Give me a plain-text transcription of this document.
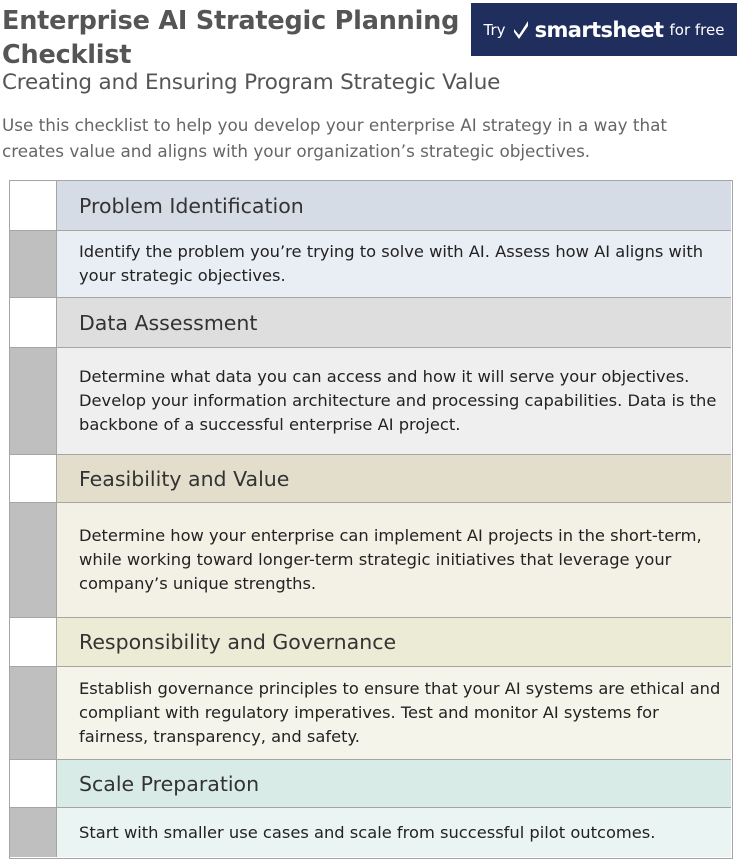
Enterprise AI Strategic Planning Checklist
Creating and Ensuring Program Strategic Value
Use this checklist to help you develop your enterprise AI strategy in a way that creates value and aligns with your organization’s strategic objectives.
Try smartsheet for free
Problem Identification
Identify the problem you’re trying to solve with AI. Assess how AI aligns with your strategic objectives.
Data Assessment
Determine what data you can access and how it will serve your objectives. Develop your information architecture and processing capabilities. Data is the backbone of a successful enterprise AI project.
Feasibility and Value
Determine how your enterprise can implement AI projects in the short-term, while working toward longer-term strategic initiatives that leverage your company’s unique strengths.
Responsibility and Governance
Establish governance principles to ensure that your AI systems are ethical and compliant with regulatory imperatives. Test and monitor AI systems for fairness, transparency, and safety.
Scale Preparation
Start with smaller use cases and scale from successful pilot outcomes.
